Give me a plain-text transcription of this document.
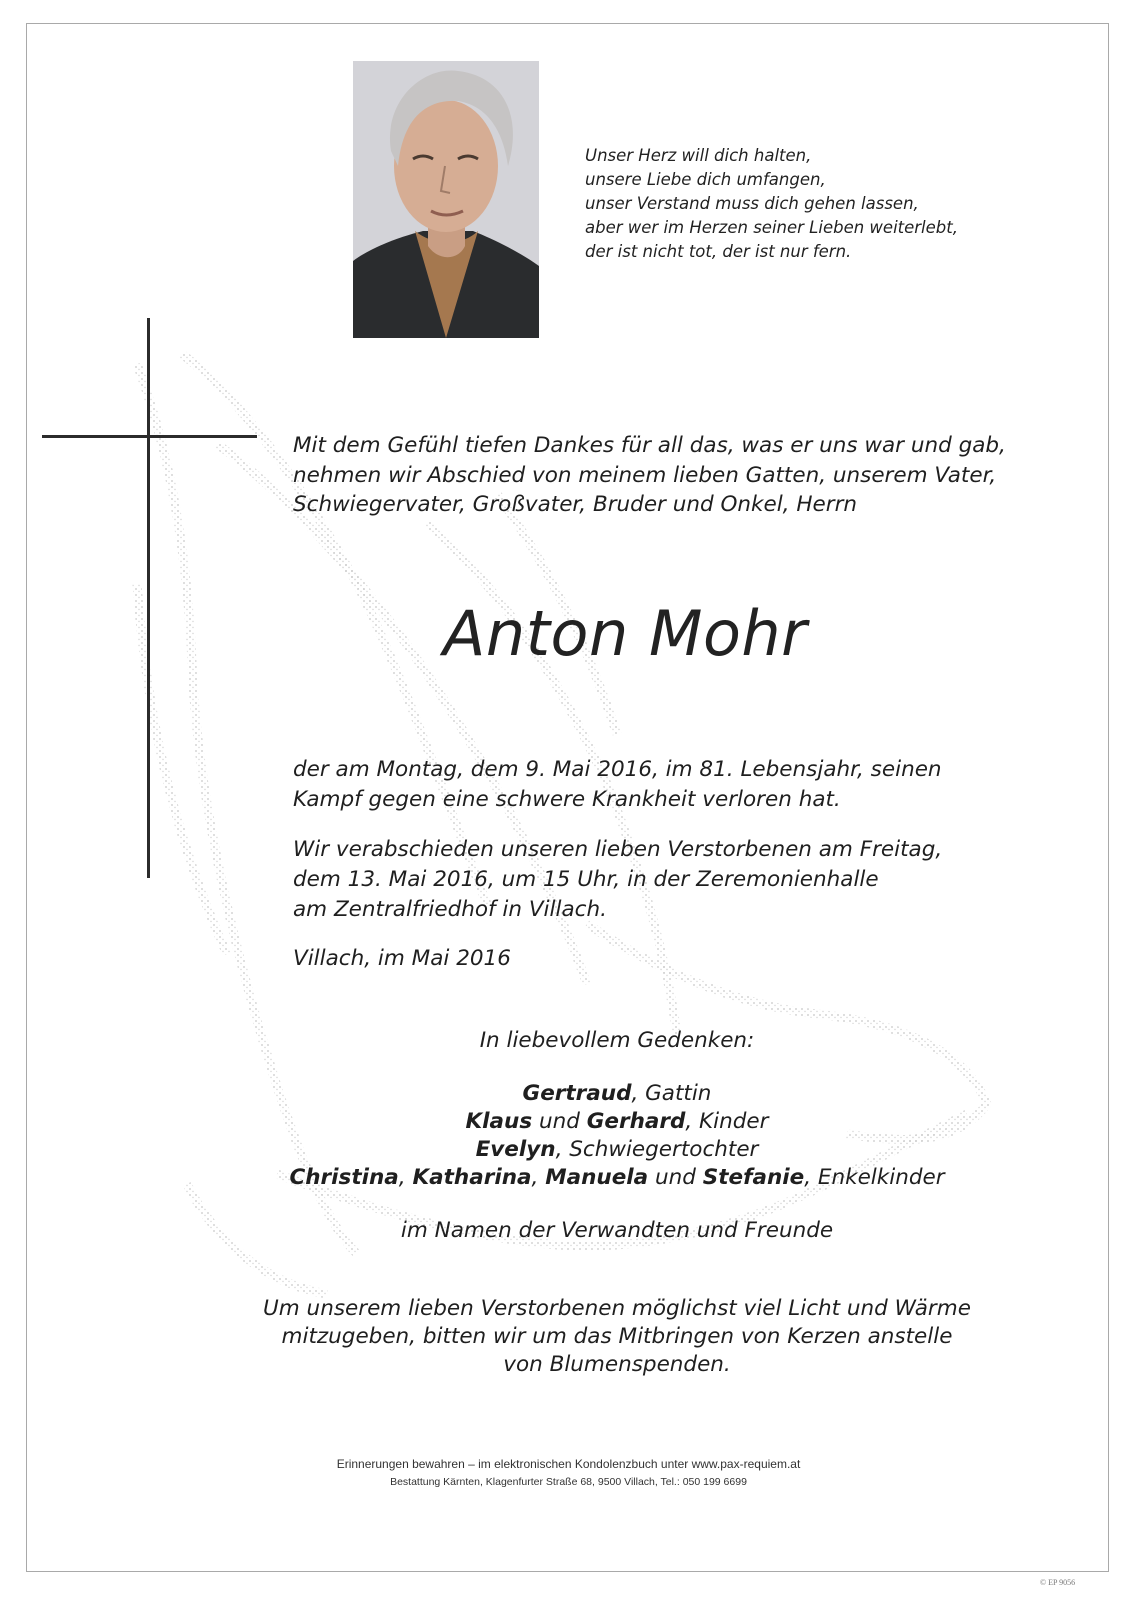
Unser Herz will dich halten,
unsere Liebe dich umfangen,
unser Verstand muss dich gehen lassen,
aber wer im Herzen seiner Lieben weiterlebt,
der ist nicht tot, der ist nur fern.
Mit dem Gefühl tiefen Dankes für all das, was er uns war und gab,
nehmen wir Abschied von meinem lieben Gatten, unserem Vater,
Schwiegervater, Großvater, Bruder und Onkel, Herrn
Anton Mohr
der am Montag, dem 9. Mai 2016, im 81. Lebensjahr, seinen
Kampf gegen eine schwere Krankheit verloren hat.
Wir verabschieden unseren lieben Verstorbenen am Freitag,
dem 13. Mai 2016, um 15 Uhr, in der Zeremonienhalle
am Zentralfriedhof in Villach.
Villach, im Mai 2016
In liebevollem Gedenken:
Gertraud, Gattin
Klaus und Gerhard, Kinder
Evelyn, Schwiegertochter
Christina, Katharina, Manuela und Stefanie, Enkelkinder
im Namen der Verwandten und Freunde
Um unserem lieben Verstorbenen möglichst viel Licht und Wärme
mitzugeben, bitten wir um das Mitbringen von Kerzen anstelle
von Blumenspenden.
Erinnerungen bewahren – im elektronischen Kondolenzbuch unter www.pax-requiem.at
Bestattung Kärnten, Klagenfurter Straße 68, 9500 Villach, Tel.: 050 199 6699
© EP 9056
